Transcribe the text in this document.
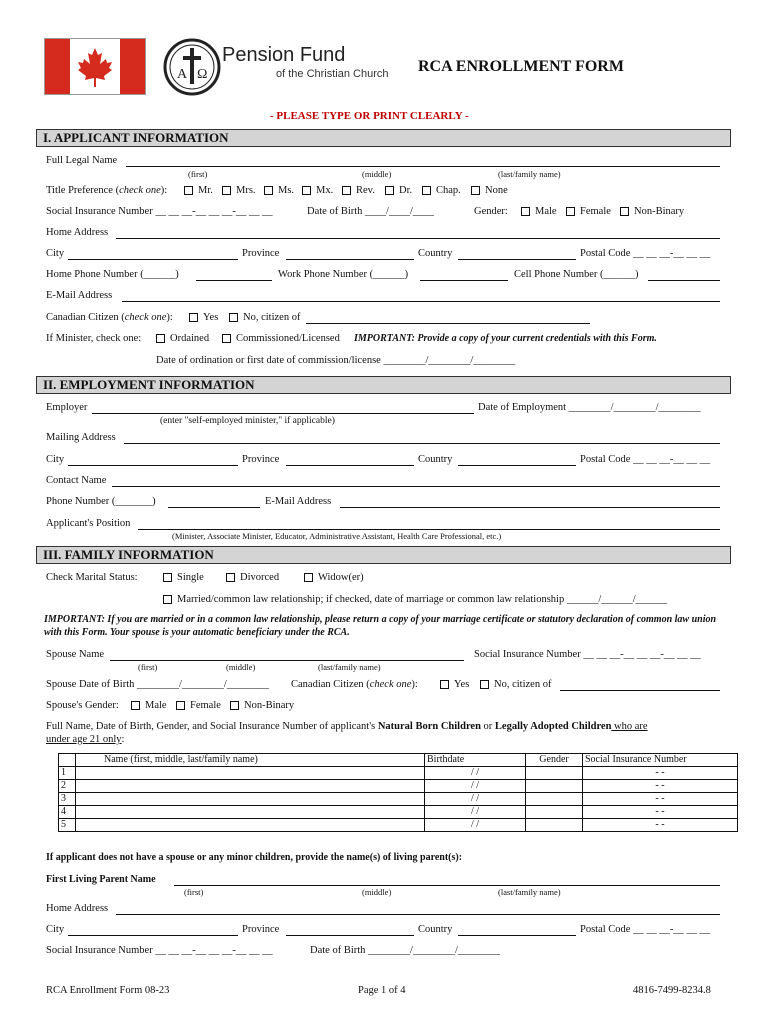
A Ω
Pension Fund
of the Christian Church RCA ENROLLMENT FORM
- PLEASE TYPE OR PRINT CLEARLY -
I. APPLICANT INFORMATION
Full Legal Name
(first)	(middle)	(last/family name)
Title Preference (check one):	Mr. Mrs. Ms. Mx. Rev. Dr. Chap. None
Social Insurance Number __ __ __-__ __ __-__ __ __	Date of Birth ____/____/____	Gender:	Male Female Non-Binary
Home Address
City	Province	Country	Postal Code __ __ __-__ __ __
Home Phone Number (______)	Work Phone Number (______)	Cell Phone Number (______)
E-Mail Address
Canadian Citizen (check one):	Yes No, citizen of
If Minister, check one:	Ordained	Commissioned/Licensed IMPORTANT: Provide a copy of your current credentials with this Form.
Date of ordination or first date of commission/license ________/________/________
II. EMPLOYMENT INFORMATION
Employer	Date of Employment ________/________/________
(enter "self-employed minister," if applicable)
Mailing Address
City	Province	Country	Postal Code __ __ __-__ __ __
Contact Name
Phone Number (_______)	E-Mail Address
Applicant's Position
(Minister, Associate Minister, Educator, Administrative Assistant, Health Care Professional, etc.)
III. FAMILY INFORMATION
Check Marital Status:	Single	Divorced	Widow(er)
Married/common law relationship; if checked, date of marriage or common law relationship ______/______/______
IMPORTANT: If you are married or in a common law relationship, please return a copy of your marriage certificate or statutory declaration of common law union with this Form. Your spouse is your automatic beneficiary under the RCA.
Spouse Name	Social Insurance Number __ __ __-__ __ __-__ __ __
(first)	(middle)	(last/family name)
Spouse Date of Birth ________/________/________ Canadian Citizen (check one):	Yes No, citizen of
Spouse's Gender: Male Female Non-Binary
Full Name, Date of Birth, Gender, and Social Insurance Number of applicant's Natural Born Children or Legally Adopted Children who are
under age 21 only:
	Name (first, middle, last/family name)	Birthdate	Gender	Social Insurance Number
1		/ /		- -
2		/ /		- -
3		/ /		- -
4		/ /		- -
5		/ /		- -
If applicant does not have a spouse or any minor children, provide the name(s) of living parent(s):
First Living Parent Name
(first)	(middle)	(last/family name)
Home Address
City	Province	Country	Postal Code __ __ __-__ __ __
Social Insurance Number __ __ __-__ __ __-__ __ __	Date of Birth ________/________/________
RCA Enrollment Form 08-23	Page 1 of 4	4816-7499-8234.8
